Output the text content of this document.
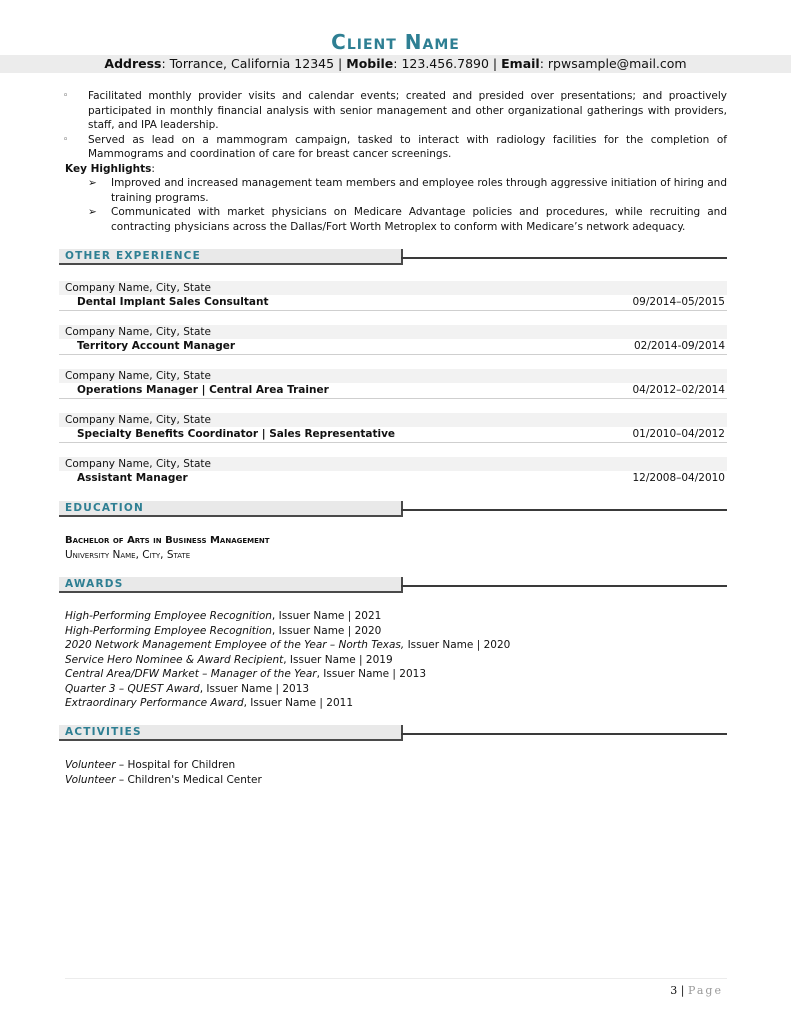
Client Name
Address: Torrance, California 12345 | Mobile: 123.456.7890 | Email: rpwsample@mail.com
◦ Facilitated monthly provider visits and calendar events; created and presided over presentations; and proactively participated in monthly financial analysis with senior management and other organizational gatherings with providers, staff, and IPA leadership.
◦ Served as lead on a mammogram campaign, tasked to interact with radiology facilities for the completion of Mammograms and coordination of care for breast cancer screenings.
Key Highlights:
➢ Improved and increased management team members and employee roles through aggressive initiation of hiring and training programs.
➢ Communicated with market physicians on Medicare Advantage policies and procedures, while recruiting and contracting physicians across the Dallas/Fort Worth Metroplex to conform with Medicare’s network adequacy.
OTHER EXPERIENCE
Company Name, City, State
Dental Implant Sales Consultant	09/2014–05/2015
Company Name, City, State
Territory Account Manager	02/2014-09/2014
Company Name, City, State
Operations Manager | Central Area Trainer	04/2012–02/2014
Company Name, City, State
Specialty Benefits Coordinator | Sales Representative	01/2010–04/2012
Company Name, City, State
Assistant Manager	12/2008–04/2010
EDUCATION
Bachelor of Arts in Business Management
University Name, City, State
AWARDS
High-Performing Employee Recognition, Issuer Name | 2021
High-Performing Employee Recognition, Issuer Name | 2020
2020 Network Management Employee of the Year – North Texas, Issuer Name | 2020
Service Hero Nominee & Award Recipient, Issuer Name | 2019
Central Area/DFW Market – Manager of the Year, Issuer Name | 2013
Quarter 3 – QUEST Award, Issuer Name | 2013
Extraordinary Performance Award, Issuer Name | 2011
ACTIVITIES
Volunteer – Hospital for Children
Volunteer – Children's Medical Center
3 | Page
